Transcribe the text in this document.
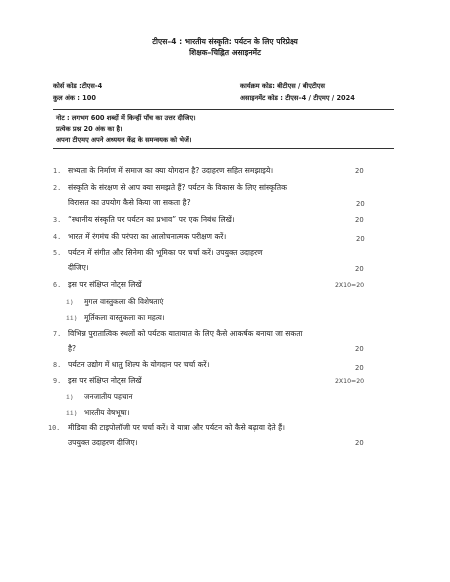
टीएस–4 : भारतीय संस्कृति: पर्यटन के लिए परिप्रेक्ष्य
शिक्षक–चिह्नित असाइनमेंट
कोर्स कोड :टीएस-4
कुल अंक : 100
कार्यक्रम कोड: बीटीएस / बीएटीएस
असाइनमेंट कोड : टीएस–4 / टीएमए / 2024
नोट : लगभग 600 शब्दों में किन्हीं पाँच का उत्तर दीजिए।
प्रत्येक प्रश्न 20 अंक का है।
अपना टीएमए अपने अध्ययन केंद्र के समन्वयक को भेजें।
1. सभ्यता के निर्माण में समाज का क्या योगदान है? उदाहरण सहित समझाइये।	20
2. संस्कृति के संरक्षण से आप क्या समझते हैं? पर्यटन के विकास के लिए सांस्कृतिक
विरासत का उपयोग कैसे किया जा सकता है?	20
3. “स्थानीय संस्कृति पर पर्यटन का प्रभाव” पर एक निबंध लिखें।	20
4. भारत में रंगमंच की परंपरा का आलोचनात्मक परीक्षण करें।	20
5. पर्यटन में संगीत और सिनेमा की भूमिका पर चर्चा करें। उपयुक्त उदाहरण
दीजिए।	20
6. इस पर संक्षिप्त नोट्स लिखें	2X10=20
i) मुगल वास्तुकला की विशेषताएं
ii) मूर्तिकला वास्तुकला का महत्व।
7. विभिन्न पुरातात्विक स्थलों को पर्यटक यातायात के लिए कैसे आकर्षक बनाया जा सकता
है?	20
8. पर्यटन उद्योग में धातु शिल्प के योगदान पर चर्चा करें।	20
9. इस पर संक्षिप्त नोट्स लिखें	2X10=20
i) जनजातीय पहचान
ii) भारतीय वेषभूषा।
10. मीडिया की टाइपोलॉजी पर चर्चा करें। वे यात्रा और पर्यटन को कैसे बढ़ावा देते हैं।
उपयुक्त उदाहरण दीजिए।	20
